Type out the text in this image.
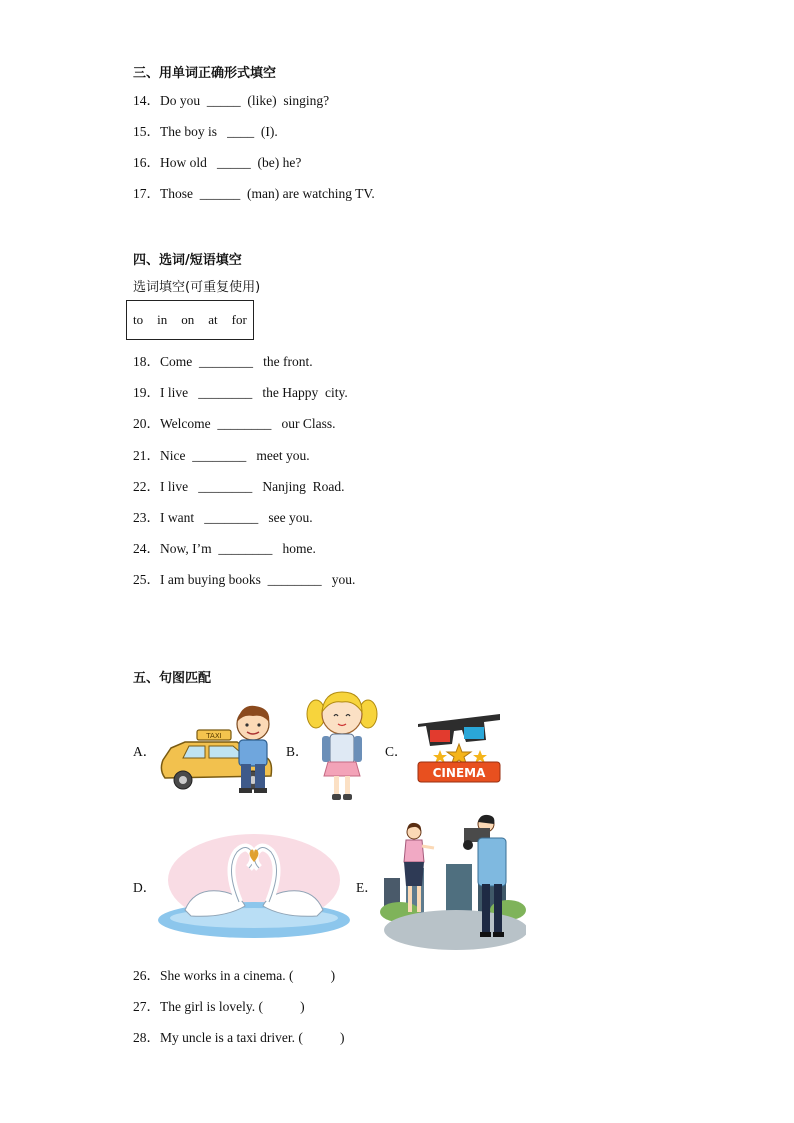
三、用单词正确形式填空
14．Do you  _____  (like)  singing?
15．The boy is   ____  (I).
16．How old   _____  (be) he?
17．Those  ______  (man) are watching TV.
四、选词/短语填空
选词填空(可重复使用)
to in on at for
18．Come  ________   the front.
19．I live   ________   the Happy  city.
20．Welcome  ________   our Class.
21．Nice  ________   meet you.
22．I live   ________   Nanjing  Road.
23．I want   ________   see you.
24．Now, I’m  ________   home.
25．I am buying books  ________   you.
五、句图匹配
A．
TAXI
B．	C．
CINEMA
D．	E．
26．She works in a cinema. (           )
27．The girl is lovely. (           )
28．My uncle is a taxi driver. (           )
